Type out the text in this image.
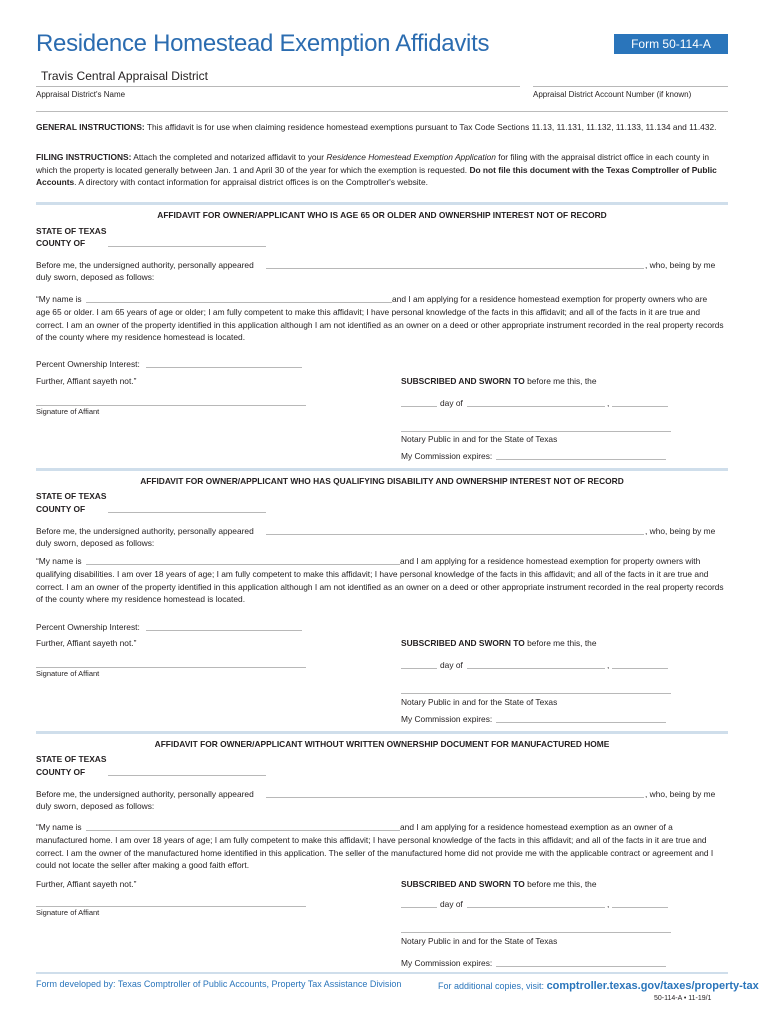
Residence Homestead Exemption Affidavits	Form 50-114-A
Travis Central Appraisal District
Appraisal District's Name	Appraisal District Account Number (if known)
GENERAL INSTRUCTIONS: This affidavit is for use when claiming residence homestead exemptions pursuant to Tax Code Sections 11.13, 11.131, 11.132, 11.133, 11.134 and 11.432.
FILING INSTRUCTIONS: Attach the completed and notarized affidavit to your Residence Homestead Exemption Application for filing with the appraisal district office in each county in which the property is located generally between Jan. 1 and April 30 of the year for which the exemption is requested. Do not file this document with the Texas Comptroller of Public Accounts. A directory with contact information for appraisal district offices is on the Comptroller's website.
AFFIDAVIT FOR OWNER/APPLICANT WHO IS AGE 65 OR OLDER AND OWNERSHIP INTEREST NOT OF RECORD
STATE OF TEXAS
COUNTY OF
Before me, the undersigned authority, personally appeared	, who, being by me
duly sworn, deposed as follows:
“My name is	and I am applying for a residence homestead exemption for property owners who are
age 65 or older. I am 65 years of age or older; I am fully competent to make this affidavit; I have personal knowledge of the facts in this affidavit; and all of the facts in it are true and correct. I am an owner of the property identified in this application although I am not identified as an owner on a deed or other appropriate instrument recorded in the real property records of the county where my residence homestead is located.
Percent Ownership Interest:
Further, Affiant sayeth not.”	SUBSCRIBED AND SWORN TO before me this, the
Signature of Affiant
day of	,
Notary Public in and for the State of Texas
My Commission expires:
AFFIDAVIT FOR OWNER/APPLICANT WHO HAS QUALIFYING DISABILITY AND OWNERSHIP INTEREST NOT OF RECORD
STATE OF TEXAS
COUNTY OF
Before me, the undersigned authority, personally appeared	, who, being by me
duly sworn, deposed as follows:
“My name is	and I am applying for a residence homestead exemption for property owners with
qualifying disabilities. I am over 18 years of age; I am fully competent to make this affidavit; I have personal knowledge of the facts in this affidavit; and all of the facts in it are true and correct. I am an owner of the property identified in this application although I am not identified as an owner on a deed or other appropriate instrument recorded in the real property records of the county where my residence homestead is located.
Percent Ownership Interest:
Further, Affiant sayeth not.”	SUBSCRIBED AND SWORN TO before me this, the
Signature of Affiant
day of	,
Notary Public in and for the State of Texas
My Commission expires:
AFFIDAVIT FOR OWNER/APPLICANT WITHOUT WRITTEN OWNERSHIP DOCUMENT FOR MANUFACTURED HOME
STATE OF TEXAS
COUNTY OF
Before me, the undersigned authority, personally appeared	, who, being by me
duly sworn, deposed as follows:
“My name is	and I am applying for a residence homestead exemption as an owner of a
manufactured home. I am over 18 years of age; I am fully competent to make this affidavit; I have personal knowledge of the facts in this affidavit; and all of the facts in it are true and correct. I am the owner of the manufactured home identified in this application. The seller of the manufactured home did not provide me with the applicable contract or agreement and I could not locate the seller after making a good faith effort.
Further, Affiant sayeth not.”	SUBSCRIBED AND SWORN TO before me this, the
Signature of Affiant
day of	,
Notary Public in and for the State of Texas
My Commission expires:
Form developed by: Texas Comptroller of Public Accounts, Property Tax Assistance Division	For additional copies, visit: comptroller.texas.gov/taxes/property-tax
50-114-A • 11-19/1
